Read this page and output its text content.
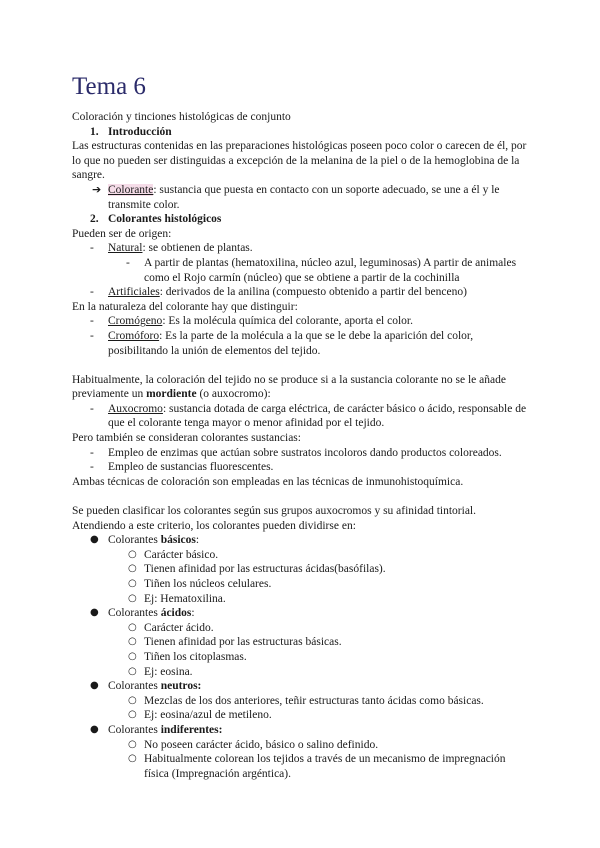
Tema 6

Coloración y tinciones histológicas de conjunto

1. Introducción

Las estructuras contenidas en las preparaciones histológicas poseen poco color o carecen de él, por lo que no pueden ser distinguidas a excepción de la melanina de la piel o de la hemoglobina de la sangre.

➔ Colorante: sustancia que puesta en contacto con un soporte adecuado, se une a él y le transmite color.

2. Colorantes histológicos

Pueden ser de origen:

- Natural: se obtienen de plantas.

- A partir de plantas (hematoxilina, núcleo azul, leguminosas) A partir de animales como el Rojo carmín (núcleo) que se obtiene a partir de la cochinilla

- Artificiales: derivados de la anilina (compuesto obtenido a partir del benceno)

En la naturaleza del colorante hay que distinguir:

- Cromógeno: Es la molécula química del colorante, aporta el color.

- Cromóforo: Es la parte de la molécula a la que se le debe la aparición del color, posibilitando la unión de elementos del tejido.

Habitualmente, la coloración del tejido no se produce si a la sustancia colorante no se le añade previamente un mordiente (o auxocromo):

- Auxocromo: sustancia dotada de carga eléctrica, de carácter básico o ácido, responsable de que el colorante tenga mayor o menor afinidad por el tejido.

Pero también se consideran colorantes sustancias:

- Empleo de enzimas que actúan sobre sustratos incoloros dando productos coloreados.

- Empleo de sustancias fluorescentes.

Ambas técnicas de coloración son empleadas en las técnicas de inmunohistoquímica.

Se pueden clasificar los colorantes según sus grupos auxocromos y su afinidad tintorial. Atendiendo a este criterio, los colorantes pueden dividirse en:

● Colorantes básicos:

○ Carácter básico.

○ Tienen afinidad por las estructuras ácidas(basófilas).

○ Tiñen los núcleos celulares.

○ Ej: Hematoxilina.

● Colorantes ácidos:

○ Carácter ácido.

○ Tienen afinidad por las estructuras básicas.

○ Tiñen los citoplasmas.

○ Ej: eosina.

● Colorantes neutros:

○ Mezclas de los dos anteriores, teñir estructuras tanto ácidas como básicas.

○ Ej: eosina/azul de metileno.

● Colorantes indiferentes:

○ No poseen carácter ácido, básico o salino definido.

○ Habitualmente colorean los tejidos a través de un mecanismo de impregnación física (Impregnación argéntica).
